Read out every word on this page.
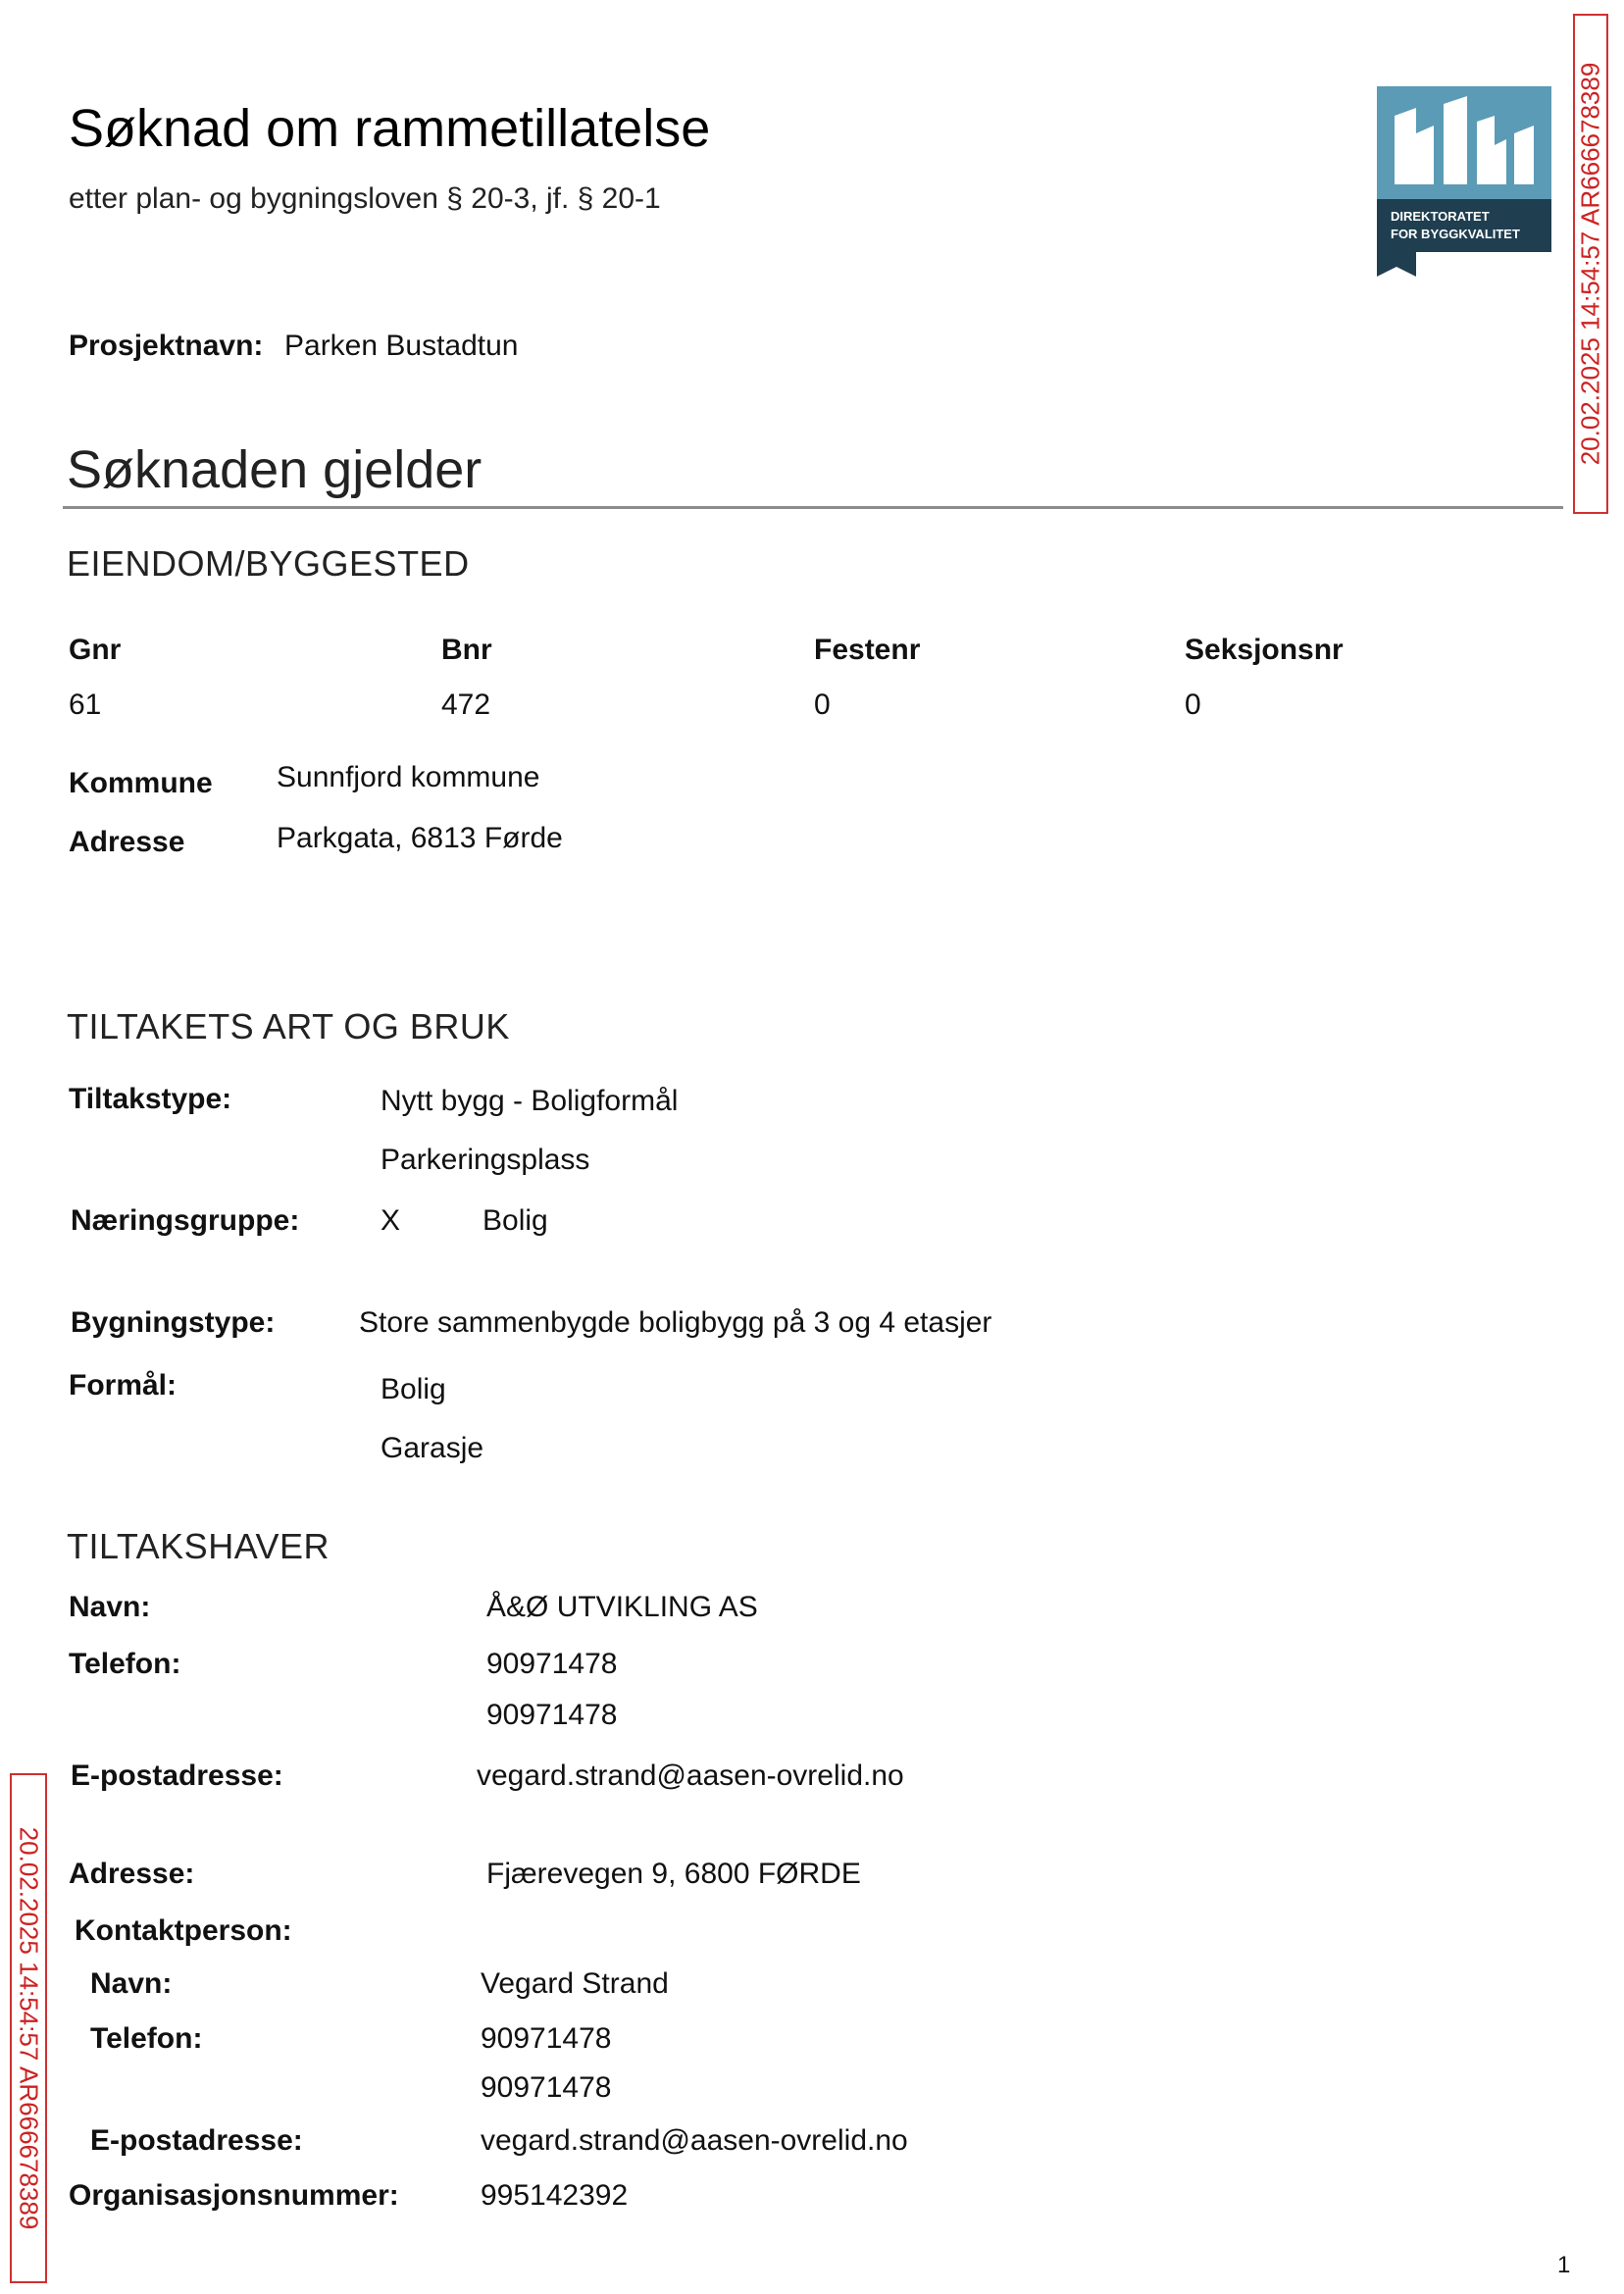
Søknad om rammetillatelse
etter plan- og bygningsloven § 20-3, jf. § 20-1
DIREKTORATET
FOR BYGGKVALITET 20.02.2025 14:54:57 AR666678389
Prosjektnavn: Parken Bustadtun
Søknaden gjelder
EIENDOM/BYGGESTED
Gnr	Bnr	Festenr	Seksjonsnr
61	472	0	0
Kommune Sunnfjord kommune
Adresse	Parkgata, 6813 Førde
TILTAKETS ART OG BRUK
Tiltakstype:	Nytt bygg - Boligformål
Parkeringsplass
Næringsgruppe:	X	Bolig
Bygningstype:	Store sammenbygde boligbygg på 3 og 4 etasjer
Formål:	Bolig
Garasje
TILTAKSHAVER
Navn:	Å&Ø UTVIKLING AS
Telefon:	90971478
90971478
E-postadresse:	vegard.strand@aasen-ovrelid.no
Adresse:	Fjærevegen 9, 6800 FØRDE
Kontaktperson:
Navn:	Vegard Strand
Telefon:	90971478
90971478
E-postadresse:	vegard.strand@aasen-ovrelid.no
Organisasjonsnummer:	995142392
20.02.2025 14:54:57 AR666678389
1
